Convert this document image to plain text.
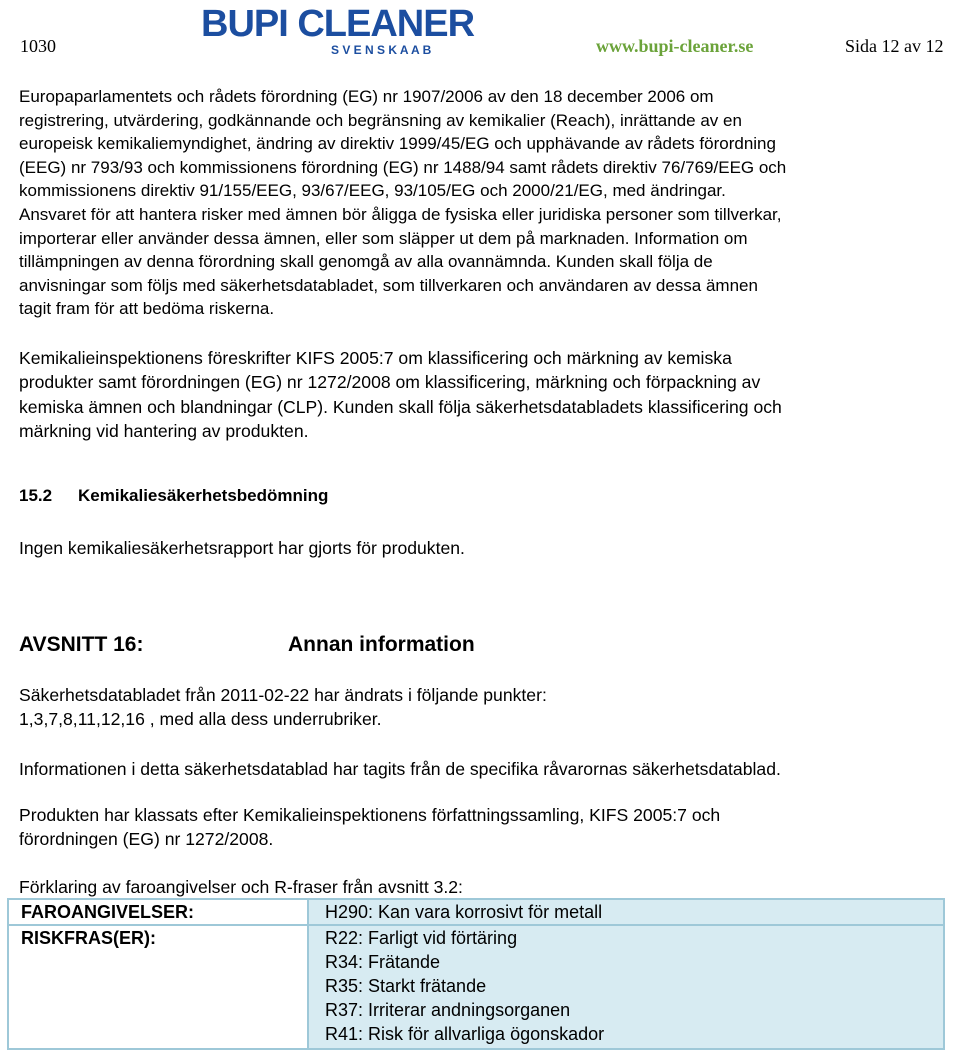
1030
BUPI CLEANER
S V E N S K A A B	www.bupi-cleaner.se	Sida 12 av 12
Europaparlamentets och rådets förordning (EG) nr 1907/2006 av den 18 december 2006 om
registrering, utvärdering, godkännande och begränsning av kemikalier (Reach), inrättande av en
europeisk kemikaliemyndighet, ändring av direktiv 1999/45/EG och upphävande av rådets förordning
(EEG) nr 793/93 och kommissionens förordning (EG) nr 1488/94 samt rådets direktiv 76/769/EEG och
kommissionens direktiv 91/155/EEG, 93/67/EEG, 93/105/EG och 2000/21/EG, med ändringar.
Ansvaret för att hantera risker med ämnen bör åligga de fysiska eller juridiska personer som tillverkar,
importerar eller använder dessa ämnen, eller som släpper ut dem på marknaden. Information om
tillämpningen av denna förordning skall genomgå av alla ovannämnda. Kunden skall följa de
anvisningar som följs med säkerhetsdatabladet, som tillverkaren och användaren av dessa ämnen
tagit fram för att bedöma riskerna.
Kemikalieinspektionens föreskrifter KIFS 2005:7 om klassificering och märkning av kemiska
produkter samt förordningen (EG) nr 1272/2008 om klassificering, märkning och förpackning av
kemiska ämnen och blandningar (CLP). Kunden skall följa säkerhetsdatabladets klassificering och
märkning vid hantering av produkten.
15.2 Kemikaliesäkerhetsbedömning
Ingen kemikaliesäkerhetsrapport har gjorts för produkten.
AVSNITT 16:	Annan information
Säkerhetsdatabladet från 2011-02-22 har ändrats i följande punkter:
1,3,7,8,11,12,16 , med alla dess underrubriker.
Informationen i detta säkerhetsdatablad har tagits från de specifika råvarornas säkerhetsdatablad.
Produkten har klassats efter Kemikalieinspektionens författningssamling, KIFS 2005:7 och
förordningen (EG) nr 1272/2008.
Förklaring av faroangivelser och R-fraser från avsnitt 3.2:
FAROANGIVELSER:	H290: Kan vara korrosivt för metall

RISKFRAS(ER):	R22: Farligt vid förtäring
R34: Frätande
R35: Starkt frätande
R37: Irriterar andningsorganen
R41: Risk för allvarliga ögonskador
